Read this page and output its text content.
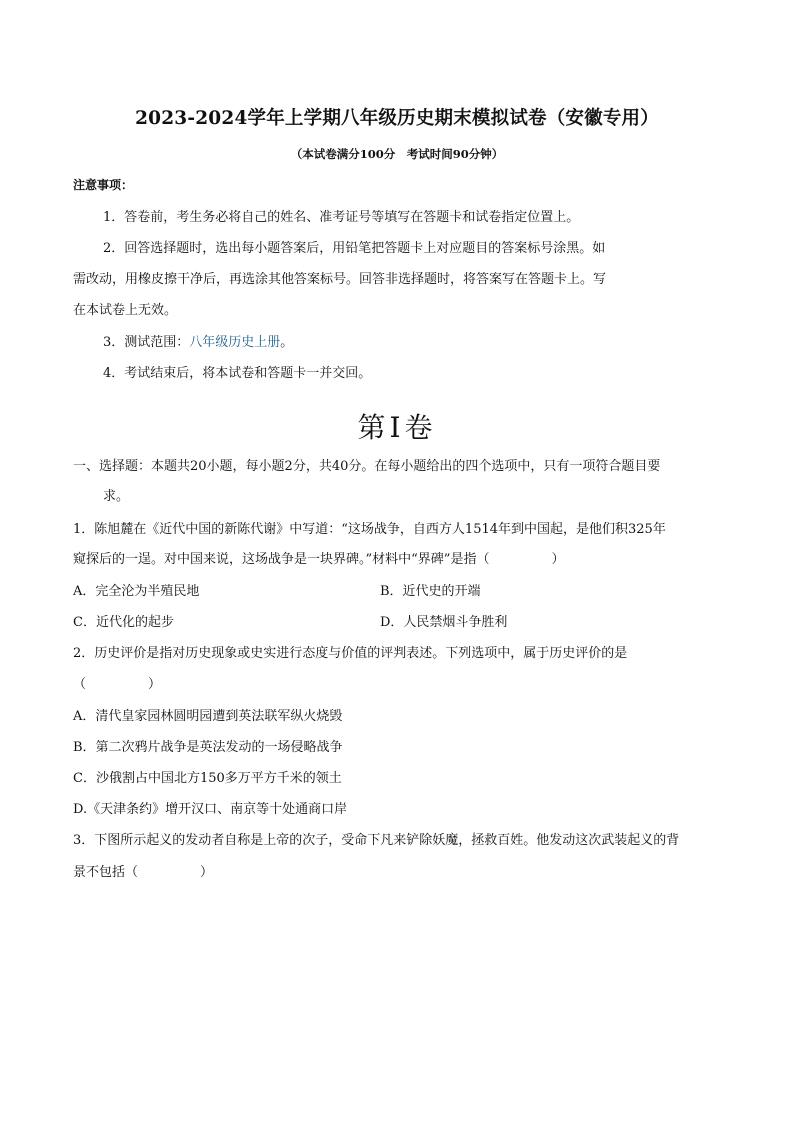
2023-2024学年上学期八年级历史期末模拟试卷（安徽专用）
（本试卷满分100分　考试时间90分钟）
注意事项：
1．答卷前，考生务必将自己的姓名、准考证号等填写在答题卡和试卷指定位置上。
2．回答选择题时，选出每小题答案后，用铅笔把答题卡上对应题目的答案标号涂黑。如
需改动，用橡皮擦干净后，再选涂其他答案标号。回答非选择题时，将答案写在答题卡上。写
在本试卷上无效。
3．测试范围：八年级历史上册。
4．考试结束后，将本试卷和答题卡一并交回。
第Ⅰ卷
一、选择题：本题共20小题，每小题2分，共40分。在每小题给出的四个选项中，只有一项符合题目要
求。
1．陈旭麓在《近代中国的新陈代谢》中写道：“这场战争，自西方人1514年到中国起，是他们积325年
窥探后的一逞。对中国来说，这场战争是一块界碑。”材料中“界碑”是指（	）
A．完全沦为半殖民地	B．近代史的开端
C．近代化的起步	D．人民禁烟斗争胜利
2．历史评价是指对历史现象或史实进行态度与价值的评判表述。下列选项中，属于历史评价的是
（	）
A．清代皇家园林圆明园遭到英法联军纵火烧毁
B．第二次鸦片战争是英法发动的一场侵略战争
C．沙俄割占中国北方150多万平方千米的领土
D.《天津条约》增开汉口、南京等十处通商口岸
3．下图所示起义的发动者自称是上帝的次子，受命下凡来铲除妖魔，拯救百姓。他发动这次武装起义的背
景不包括（	）
